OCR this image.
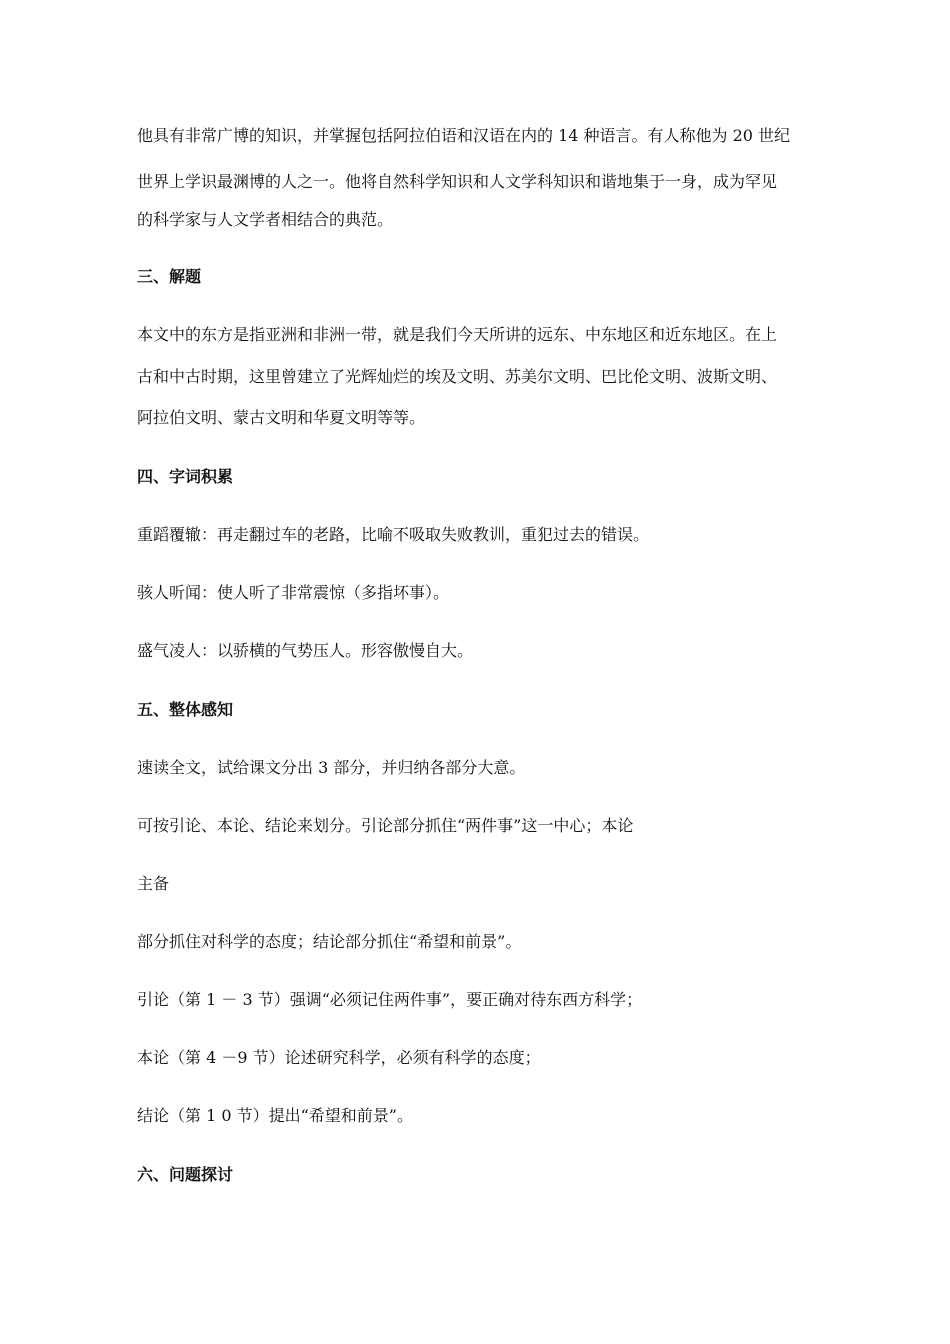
他具有非常广博的知识，并掌握包括阿拉伯语和汉语在内的 14 种语言。有人称他为 20 世纪
世界上学识最渊博的人之一。他将自然科学知识和人文学科知识和谐地集于一身，成为罕见
的科学家与人文学者相结合的典范。
三、解题
本文中的东方是指亚洲和非洲一带，就是我们今天所讲的远东、中东地区和近东地区。在上
古和中古时期，这里曾建立了光辉灿烂的埃及文明、苏美尔文明、巴比伦文明、波斯文明、
阿拉伯文明、蒙古文明和华夏文明等等。
四、字词积累
重蹈覆辙：再走翻过车的老路，比喻不吸取失败教训，重犯过去的错误。
骇人听闻：使人听了非常震惊（多指坏事）。
盛气凌人：以骄横的气势压人。形容傲慢自大。
五、整体感知
速读全文，试给课文分出 3 部分，并归纳各部分大意。
可按引论、本论、结论来划分。引论部分抓住“两件事”这一中心；本论
主备
部分抓住对科学的态度；结论部分抓住“希望和前景”。
引论（第 1 － 3 节）强调“必须记住两件事”，要正确对待东西方科学；
本论（第 4 －9 节）论述研究科学，必须有科学的态度；
结论（第 1 0 节）提出“希望和前景”。
六、问题探讨
